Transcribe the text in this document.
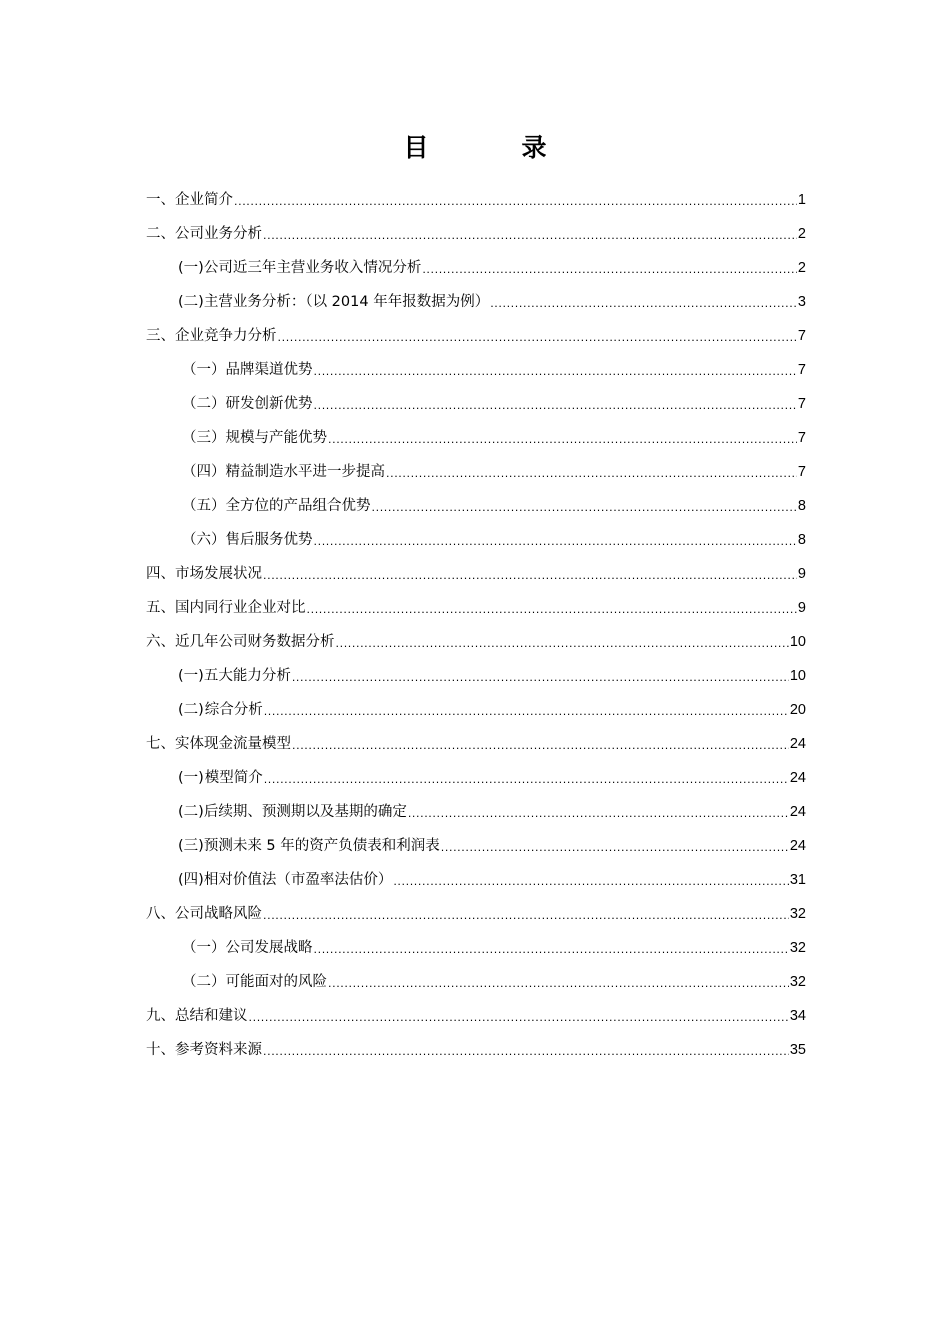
目　录
一、 企业简介 .....	1
二、 公司业务分析 .....	2
(一) 公司近三年主营业务收入情况分析 .....	2
(二) 主营业务分析：（以 2014 年年报数据为例） .....	3
三、 企业竞争力分析 .....	7
（一） 品牌渠道优势 .....	7
（二） 研发创新优势 .....	7
（三） 规模与产能优势 .....	7
（四） 精益制造水平进一步提高 .....	7
（五） 全方位的产品组合优势 .....	8
（六） 售后服务优势 .....	8
四、 市场发展状况 .....	9
五、 国内同行业企业对比 .....	9
六、 近几年公司财务数据分析 .....	10
(一) 五大能力分析 .....	10
(二) 综合分析 .....	20
七、 实体现金流量模型 .....	24
(一) 模型简介 .....	24
(二) 后续期、预测期以及基期的确定 .....	24
(三) 预测未来 5 年的资产负债表和利润表 .....	24
(四) 相对价值法（市盈率法估价） .....	31
八、 公司战略风险 .....	32
（一） 公司发展战略 .....	32
（二） 可能面对的风险 .....	32
九、 总结和建议 .....	34
十、 参考资料来源 .....	35
